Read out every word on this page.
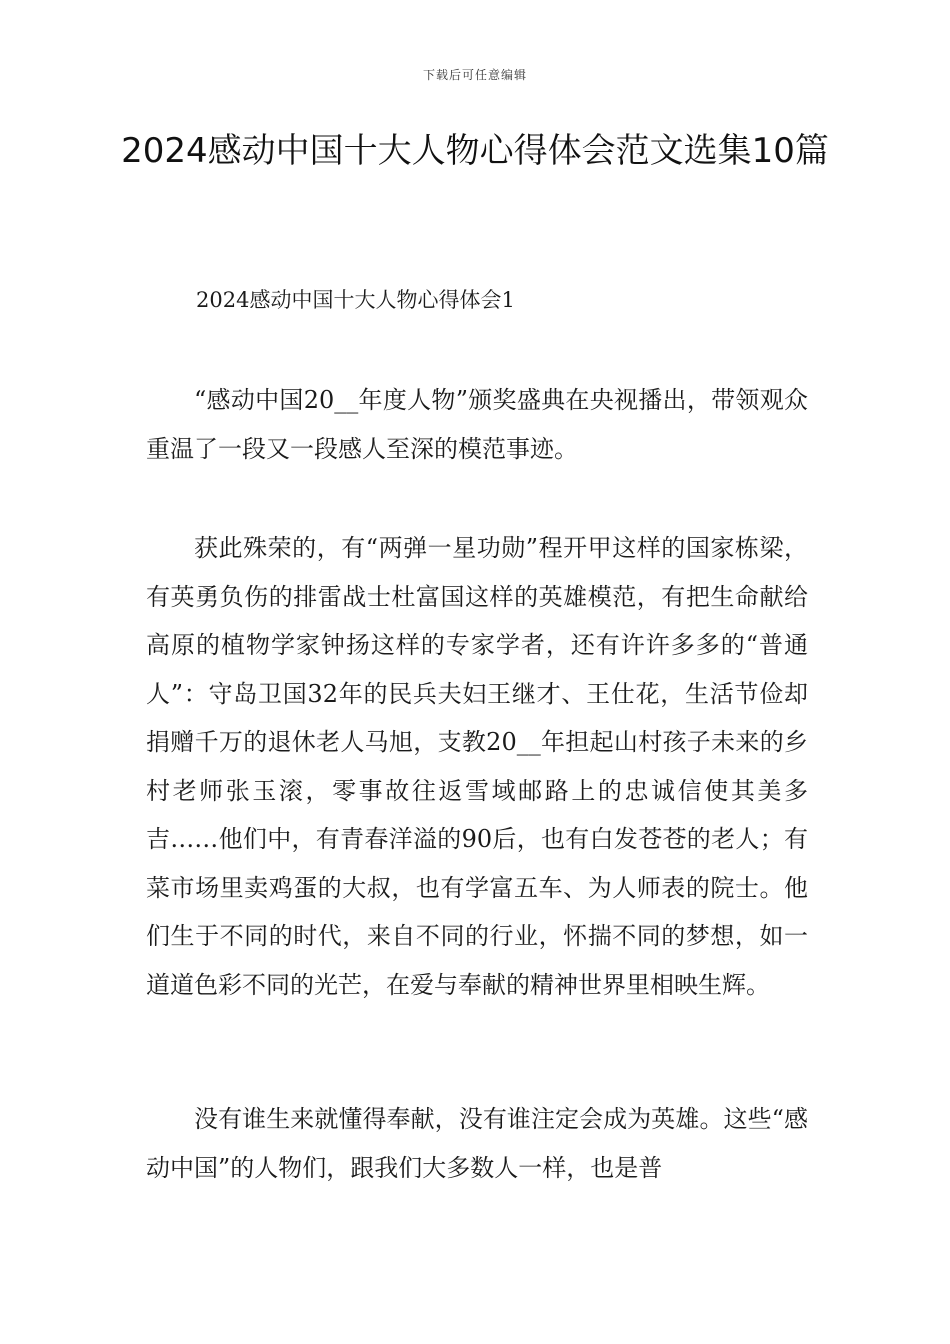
下载后可任意编辑
2024感动中国十大人物心得体会范文选集10篇
2024感动中国十大人物心得体会1

“感动中国20__年度人物”颁奖盛典在央视播出，带领观众重温了一段又一段感人至深的模范事迹。

获此殊荣的，有“两弹一星功勋”程开甲这样的国家栋梁，有英勇负伤的排雷战士杜富国这样的英雄模范，有把生命献给高原的植物学家钟扬这样的专家学者，还有许许多多的“普通人”：守岛卫国32年的民兵夫妇王继才、王仕花，生活节俭却捐赠千万的退休老人马旭，支教20__年担起山村孩子未来的乡村老师张玉滚，零事故往返雪域邮路上的忠诚信使其美多吉……他们中，有青春洋溢的90后，也有白发苍苍的老人；有菜市场里卖鸡蛋的大叔，也有学富五车、为人师表的院士。他们生于不同的时代，来自不同的行业，怀揣不同的梦想，如一道道色彩不同的光芒，在爱与奉献的精神世界里相映生辉。

没有谁生来就懂得奉献，没有谁注定会成为英雄。这些“感动中国”的人物们，跟我们大多数人一样，也是普
